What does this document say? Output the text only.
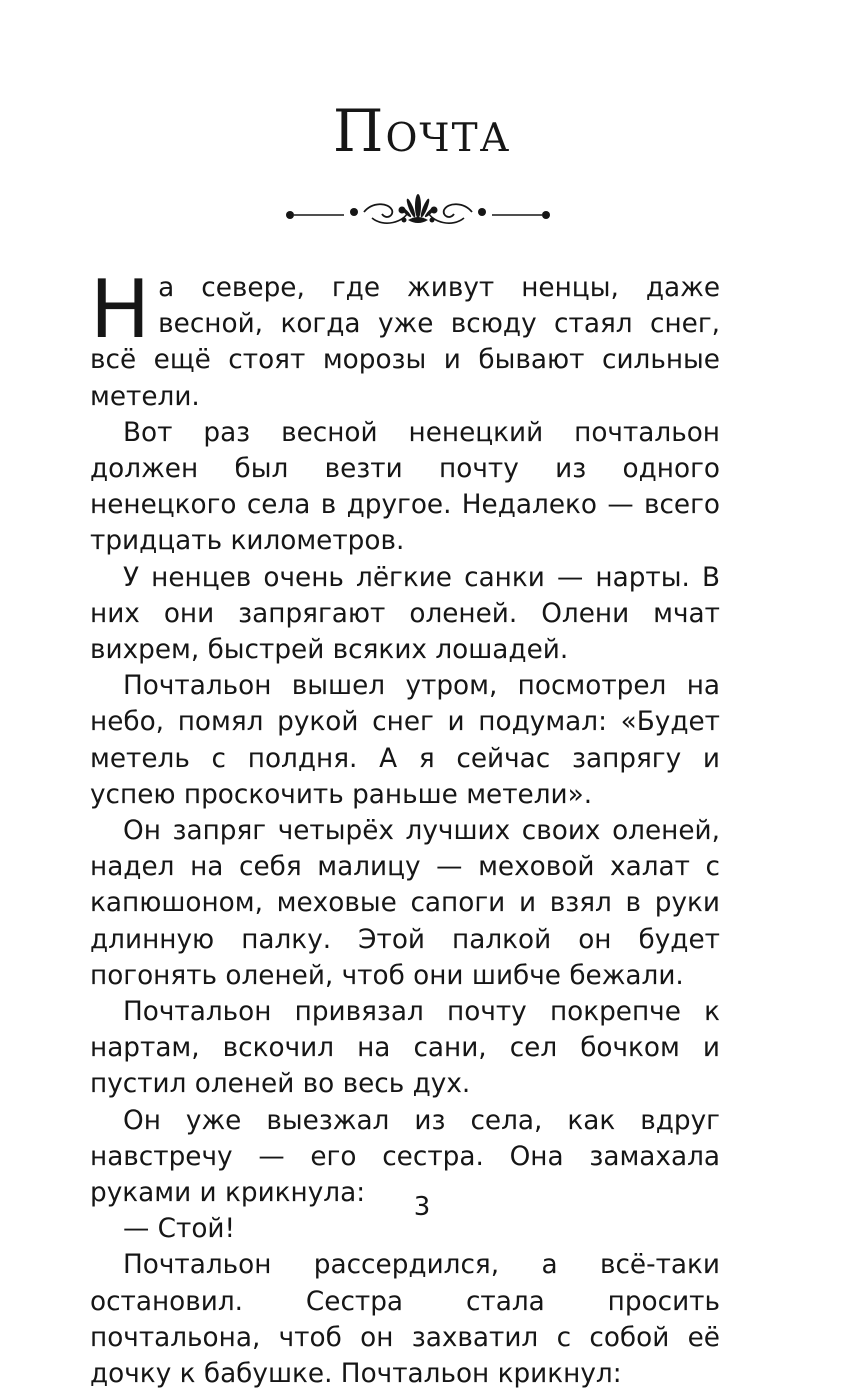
Почта

На севере, где живут ненцы, даже весной, когда уже всюду стаял снег, всё ещё стоят морозы и бывают сильные метели.

Вот раз весной ненецкий почтальон должен был везти почту из одного ненецкого села в другое. Недалеко — всего тридцать километров.

У ненцев очень лёгкие санки — нарты. В них они запрягают оленей. Олени мчат вихрем, быстрей всяких лошадей.

Почтальон вышел утром, посмотрел на небо, помял рукой снег и подумал: «Будет метель с полдня. А я сейчас запрягу и успею проскочить раньше метели».

Он запряг четырёх лучших своих оленей, надел на себя малицу — меховой халат с капюшоном, меховые сапоги и взял в руки длинную палку. Этой палкой он будет погонять оленей, чтоб они шибче бежали.

Почтальон привязал почту покрепче к нартам, вскочил на сани, сел бочком и пустил оленей во весь дух.

Он уже выезжал из села, как вдруг навстречу — его сестра. Она замахала руками и крикнула:

— Стой!

Почтальон рассердился, а всё-таки остановил. Сестра стала просить почтальона, чтоб он захватил с собой её дочку к бабушке. Почтальон крикнул:

3
